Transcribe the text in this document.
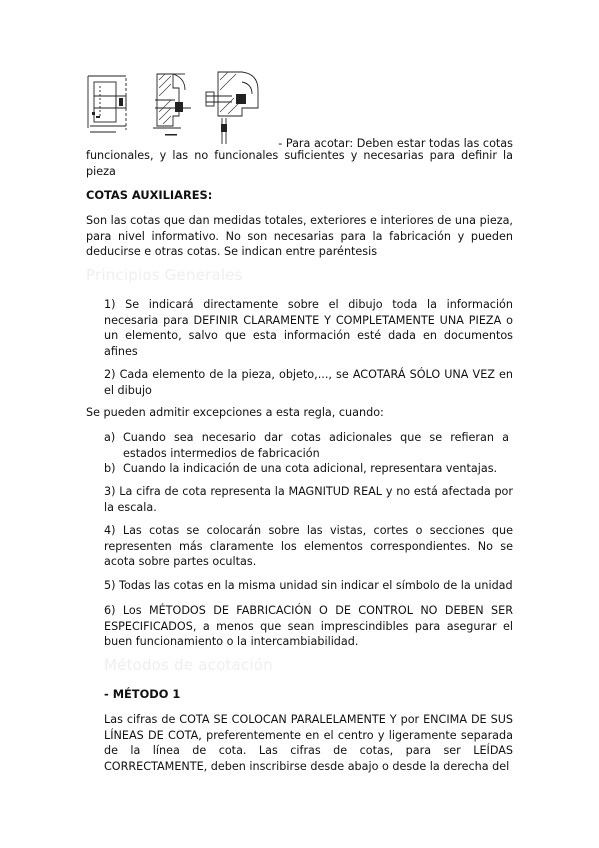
- Para acotar: Deben estar todas las cotas

funcionales, y las no funcionales suficientes y necesarias para definir la pieza

COTAS AUXILIARES:

Son las cotas que dan medidas totales, exteriores e interiores de una pieza, para nivel informativo. No son necesarias para la fabricación y pueden deducirse e otras cotas. Se indican entre paréntesis

Principios Generales

1) Se indicará directamente sobre el dibujo toda la información necesaria para DEFINIR CLARAMENTE Y COMPLETAMENTE UNA PIEZA o un elemento, salvo que esta información esté dada en documentos afines

2) Cada elemento de la pieza, objeto,..., se ACOTARÁ SÓLO UNA VEZ en el dibujo

Se pueden admitir excepciones a esta regla, cuando:

a) Cuando sea necesario dar cotas adicionales que se refieran a estados intermedios de fabricación
b) Cuando la indicación de una cota adicional, representara ventajas.

3) La cifra de cota representa la MAGNITUD REAL y no está afectada por la escala.

4) Las cotas se colocarán sobre las vistas, cortes o secciones que representen más claramente los elementos correspondientes. No se acota sobre partes ocultas.

5) Todas las cotas en la misma unidad sin indicar el símbolo de la unidad

6) Los MÉTODOS DE FABRICACIÓN O DE CONTROL NO DEBEN SER ESPECIFICADOS, a menos que sean imprescindibles para asegurar el buen funcionamiento o la intercambiabilidad.

Métodos de acotación

- MÉTODO 1

Las cifras de COTA SE COLOCAN PARALELAMENTE Y por ENCIMA DE SUS LÍNEAS DE COTA, preferentemente en el centro y ligeramente separada de la línea de cota. Las cifras de cotas, para ser LEÍDAS CORRECTAMENTE, deben inscribirse desde abajo o desde la derecha del
